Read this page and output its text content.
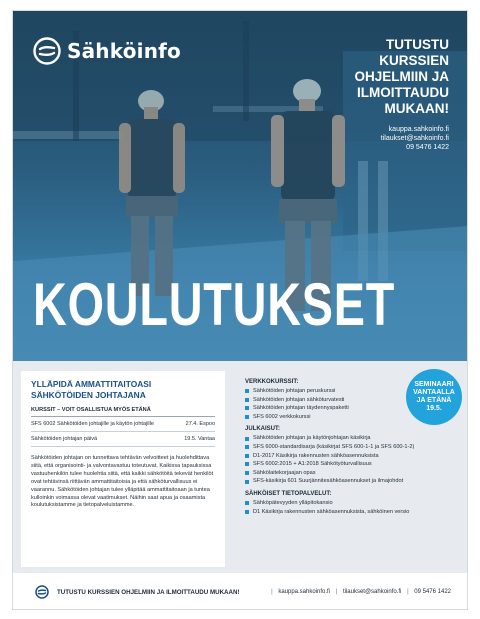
Sähköinfo	TUTUSTU
KURSSIEN
OHJELMIIN JA
ILMOITTAUDU
MUKAAN!
kauppa.sahkoinfo.fi
tilaukset@sahkoinfo.fi
09 5476 1422
KOULUTUKSET
YLLÄPIDÄ AMMATTITAITOASI
SÄHKÖTÖIDEN JOHTAJANA
KURSSIT – VOIT OSALLISTUA MYÖS ETÄNÄ
SFS 6002 Sähkötöiden johtajille ja käytön johtajille	27.4. Espoo
Sähkötöiden johtajan päivä	19.5. Vantaa
Sähkötöiden johtajan on tunnettava tehtävän velvoitteet ja huolehdittava siitä, että organisointi- ja valvontavastuu toteutuvat. Kaikissa tapauksissa vastuuhenkilön tulee huolehtia siitä, että kaikki sähkötöitä tekevät henkilöt ovat tehtävinsä riittävän ammattitaitoisia ja että sähköturvallisuus ei vaarannu. Sähkötöiden johtajan tulee ylläpitää ammattitaitoaan ja tuntea kulloinkin voimassa olevat vaatimukset. Näihin saat apua ja osaamista koulutuksistamme ja tietopalveluistamme.
VERKKOKURSSIT:
Sähkötöiden johtajan peruskurssi
Sähkötöiden johtajan sähköturvatesti
Sähkötöiden johtajan täydennyspaketti
SFS 6002 verkkokurssi
JULKAISUT:
Sähkötöiden johtajan ja käytönjohtajan käsikirja
SFS 6000-standardisarja (käsikirjat SFS 600-1-1 ja SFS 600-1-2)
D1-2017 Käsikirja rakennusten sähköasennuksista
SFS 6002:2015 + A1:2018 Sähkötyöturvallisuus
Sähkölaitekorjaajan opas
SFS-käsikirja 601 Suurjännitesähköasennukset ja ilmajohdot
SÄHKÖISET TIETOPALVELUT:
Sähköpätevyyden ylläpitokansio
D1 Käsikirja rakennusten sähköasennuksista, sähköinen versio
SEMINAARI
VANTAALLA
JA ETÄNÄ
19.5.
TUTUSTU KURSSIEN OHJELMIIN JA ILMOITTAUDU MUKAAN!	| kauppa.sahkoinfo.fi | tilaukset@sahkoinfo.fi | 09 5476 1422
